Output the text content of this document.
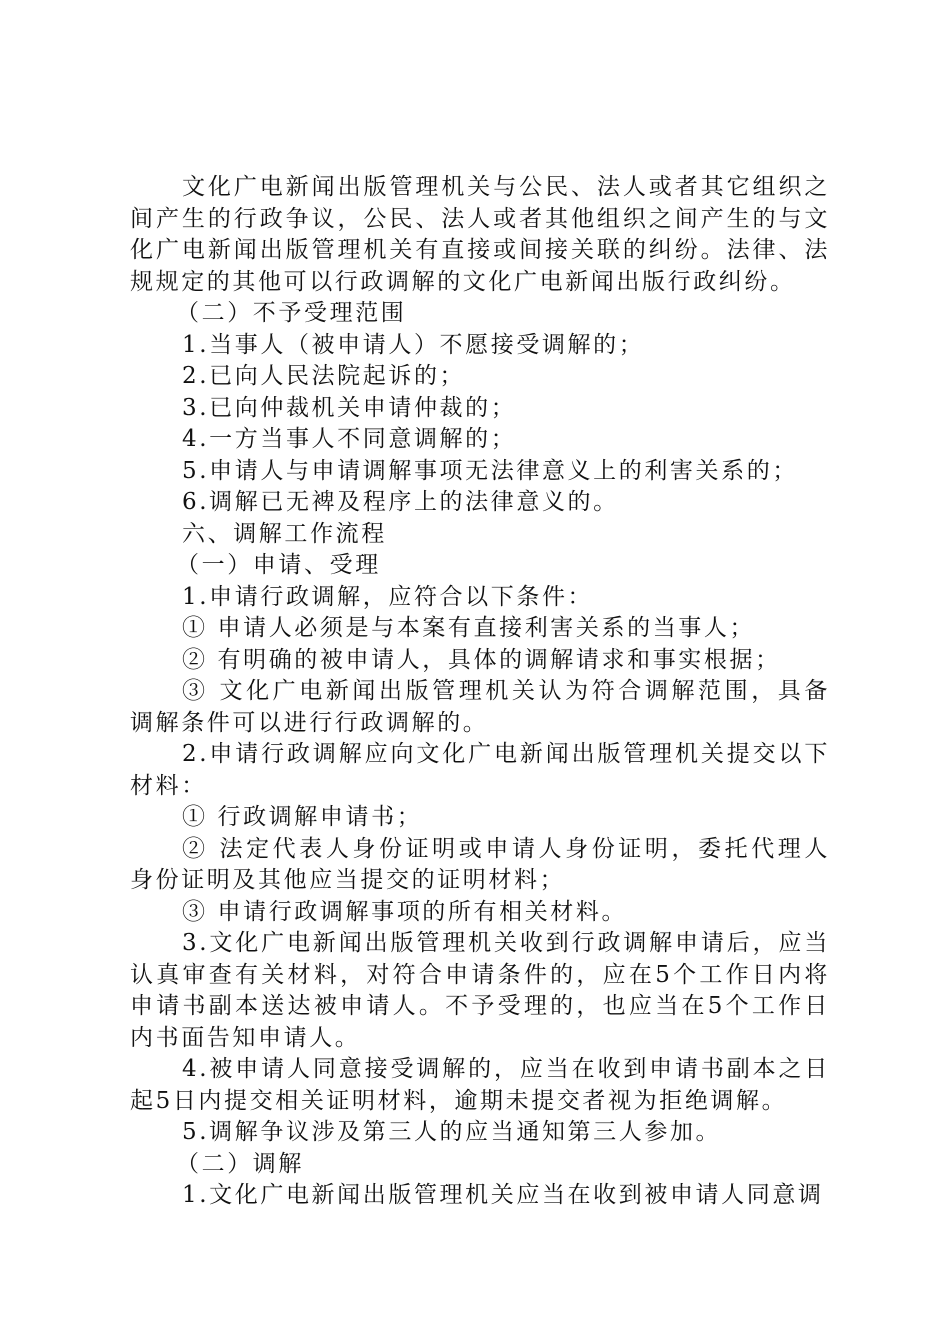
文化广电新闻出版管理机关与公民、法人或者其它组织之间产生的行政争议，公民、法人或者其他组织之间产生的与文化广电新闻出版管理机关有直接或间接关联的纠纷。法律、法规规定的其他可以行政调解的文化广电新闻出版行政纠纷。

（二）不予受理范围

1.当事人（被申请人）不愿接受调解的；

2.已向人民法院起诉的；

3.已向仲裁机关申请仲裁的；

4.一方当事人不同意调解的；

5.申请人与申请调解事项无法律意义上的利害关系的；

6.调解已无裨及程序上的法律意义的。

六、调解工作流程

（一）申请、受理

1.申请行政调解，应符合以下条件：

① 申请人必须是与本案有直接利害关系的当事人；

② 有明确的被申请人，具体的调解请求和事实根据；

③ 文化广电新闻出版管理机关认为符合调解范围，具备调解条件可以进行行政调解的。

2.申请行政调解应向文化广电新闻出版管理机关提交以下材料：

① 行政调解申请书；

② 法定代表人身份证明或申请人身份证明，委托代理人身份证明及其他应当提交的证明材料；

③ 申请行政调解事项的所有相关材料。

3.文化广电新闻出版管理机关收到行政调解申请后，应当认真审查有关材料，对符合申请条件的，应在5个工作日内将申请书副本送达被申请人。不予受理的，也应当在5个工作日内书面告知申请人。

4.被申请人同意接受调解的，应当在收到申请书副本之日起5日内提交相关证明材料，逾期未提交者视为拒绝调解。

5.调解争议涉及第三人的应当通知第三人参加。

（二）调解

1.文化广电新闻出版管理机关应当在收到被申请人同意调
